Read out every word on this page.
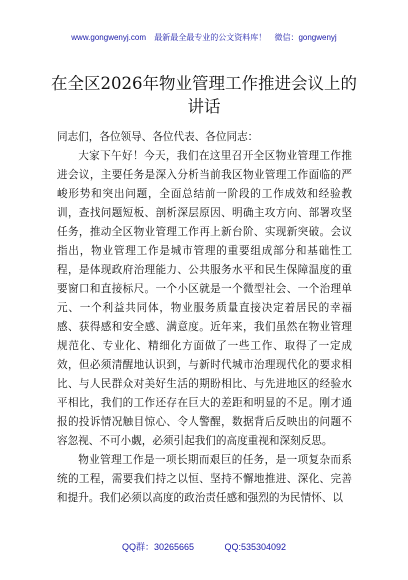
www.gongwenyj.com 最新最全最专业的公文资料库！ 微信：gongwenyj
在全区2026年物业管理工作推进会议上的讲话

同志们，各位领导、各位代表、各位同志：

大家下午好！今天，我们在这里召开全区物业管理工作推进会议，主要任务是深入分析当前我区物业管理工作面临的严峻形势和突出问题，全面总结前一阶段的工作成效和经验教训，查找问题短板、剖析深层原因、明确主攻方向、部署攻坚任务，推动全区物业管理工作再上新台阶、实现新突破。会议指出，物业管理工作是城市管理的重要组成部分和基础性工程，是体现政府治理能力、公共服务水平和民生保障温度的重要窗口和直接标尺。一个小区就是一个微型社会、一个治理单元、一个利益共同体，物业服务质量直接决定着居民的幸福感、获得感和安全感、满意度。近年来，我们虽然在物业管理规范化、专业化、精细化方面做了一些工作、取得了一定成效，但必须清醒地认识到，与新时代城市治理现代化的要求相比、与人民群众对美好生活的期盼相比、与先进地区的经验水平相比，我们的工作还存在巨大的差距和明显的不足。刚才通报的投诉情况触目惊心、令人警醒，数据背后反映出的问题不容忽视、不可小觑，必须引起我们的高度重视和深刻反思。

物业管理工作是一项长期而艰巨的任务，是一项复杂而系统的工程，需要我们持之以恒、坚持不懈地推进、深化、完善和提升。我们必须以高度的政治责任感和强烈的为民情怀、以

QQ群：30265665	QQ:535304092
